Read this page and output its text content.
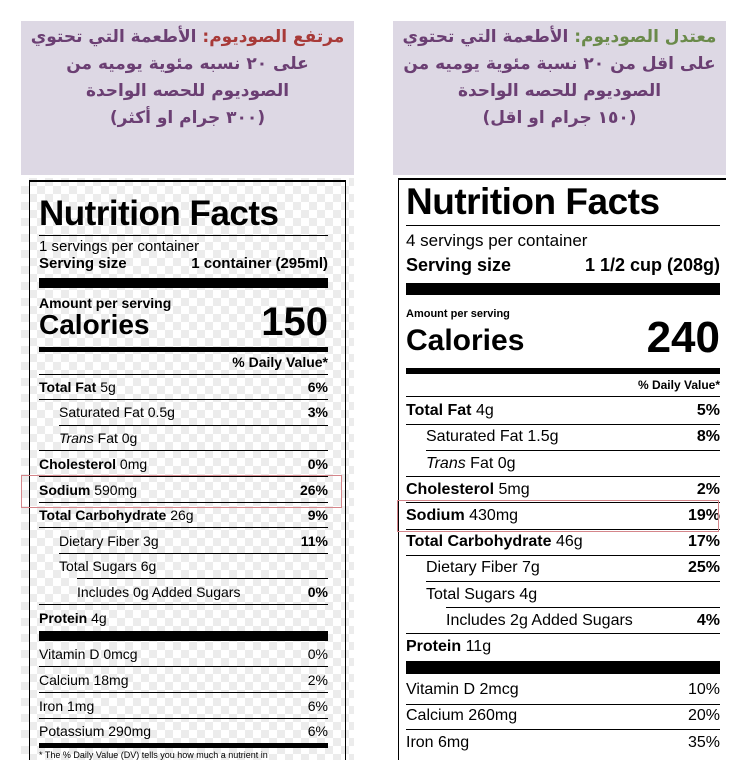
مرتفع الصوديوم: الأطعمة التي تحتوي
على ٢٠ نسبه مئوية يوميه من
الصوديوم للحصه الواحدة
(٣٠٠ جرام او أكثر)
معتدل الصوديوم: الأطعمة التي تحتوي
على اقل من ٢٠ نسبة مئوية يوميه من
الصوديوم للحصه الواحدة
(١٥٠ جرام او اقل)
Nutrition Facts
1 servings per container
Serving size	1 container (295ml)
Amount per serving
Calories	150
% Daily Value*
Total Fat 5g	6%
Saturated Fat 0.5g	3%
Trans Fat 0g
Cholesterol 0mg	0%
Sodium 590mg	26%
Total Carbohydrate 26g	9%
Dietary Fiber 3g	11%
Total Sugars 6g
Includes 0g Added Sugars	0%
Protein 4g
Vitamin D 0mcg	0%
Calcium 18mg	2%
Iron 1mg	6%
Potassium 290mg	6%
* The % Daily Value (DV) tells you how much a nutrient in
Nutrition Facts
4 servings per container
Serving size	1 1/2 cup (208g)
Amount per serving
Calories	240
% Daily Value*
Total Fat 4g	5%
Saturated Fat 1.5g	8%
Trans Fat 0g
Cholesterol 5mg	2%
Sodium 430mg	19%
Total Carbohydrate 46g	17%
Dietary Fiber 7g	25%
Total Sugars 4g
Includes 2g Added Sugars	4%
Protein 11g
Vitamin D 2mcg	10%
Calcium 260mg	20%
Iron 6mg	35%
